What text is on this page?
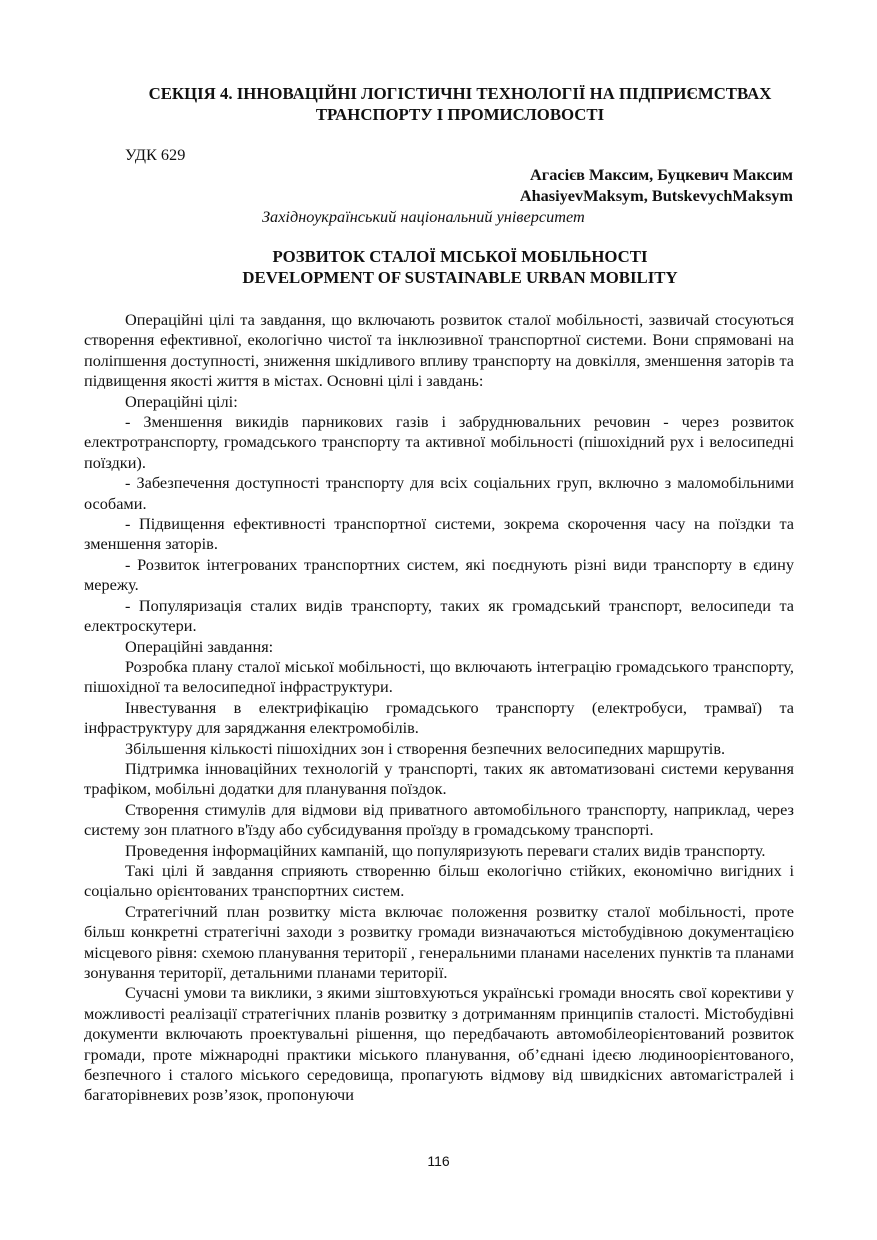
СЕКЦІЯ 4. ІННОВАЦІЙНІ ЛОГІСТИЧНІ ТЕХНОЛОГІЇ НА ПІДПРИЄМСТВАХ
ТРАНСПОРТУ І ПРОМИСЛОВОСТІ
УДК 629
Агасієв Максим, Буцкевич Максим
AhasiyevMaksym, ButskevychMaksym
Західноукраїнський національний університет
РОЗВИТОК СТАЛОЇ МІСЬКОЇ МОБІЛЬНОСТІ
DEVELOPMENT OF SUSTAINABLE URBAN MOBILITY

Операційні цілі та завдання, що включають розвиток сталої мобільності, зазвичай стосуються створення ефективної, екологічно чистої та інклюзивної транспортної системи. Вони спрямовані на поліпшення доступності, зниження шкідливого впливу транспорту на довкілля, зменшення заторів та підвищення якості життя в містах. Основні цілі і завдань:

Операційні цілі:

- Зменшення викидів парникових газів і забруднювальних речовин - через розвиток електротранспорту, громадського транспорту та активної мобільності (пішохідний рух і велосипедні поїздки).

- Забезпечення доступності транспорту для всіх соціальних груп, включно з маломобільними особами.

- Підвищення ефективності транспортної системи, зокрема скорочення часу на поїздки та зменшення заторів.

- Розвиток інтегрованих транспортних систем, які поєднують різні види транспорту в єдину мережу.

- Популяризація сталих видів транспорту, таких як громадський транспорт, велосипеди та електроскутери.

Операційні завдання:

Розробка плану сталої міської мобільності, що включають інтеграцію громадського транспорту, пішохідної та велосипедної інфраструктури.

Інвестування в електрифікацію громадського транспорту (електробуси, трамваї) та інфраструктуру для заряджання електромобілів.

Збільшення кількості пішохідних зон і створення безпечних велосипедних маршрутів.

Підтримка інноваційних технологій у транспорті, таких як автоматизовані системи керування трафіком, мобільні додатки для планування поїздок.

Створення стимулів для відмови від приватного автомобільного транспорту, наприклад, через систему зон платного в'їзду або субсидування проїзду в громадському транспорті.

Проведення інформаційних кампаній, що популяризують переваги сталих видів транспорту.

Такі цілі й завдання сприяють створенню більш екологічно стійких, економічно вигідних і соціально орієнтованих транспортних систем.

Стратегічний план розвитку міста включає положення розвитку сталої мобільності, проте більш конкретні стратегічні заходи з розвитку громади визначаються містобудівною документацією місцевого рівня: схемою планування території , генеральними планами населених пунктів та планами зонування території, детальними планами території.

Сучасні умови та виклики, з якими зіштовхуються українські громади вносять свої корективи у можливості реалізації стратегічних планів розвитку з дотриманням принципів сталості. Містобудівні документи включають проектувальні рішення, що передбачають автомобілеорієнтований розвиток громади, проте міжнародні практики міського планування, об’єднані ідеєю людиноорієнтованого, безпечного і сталого міського середовища, пропагують відмову від швидкісних автомагістралей і багаторівневих розв’язок, пропонуючи

116
